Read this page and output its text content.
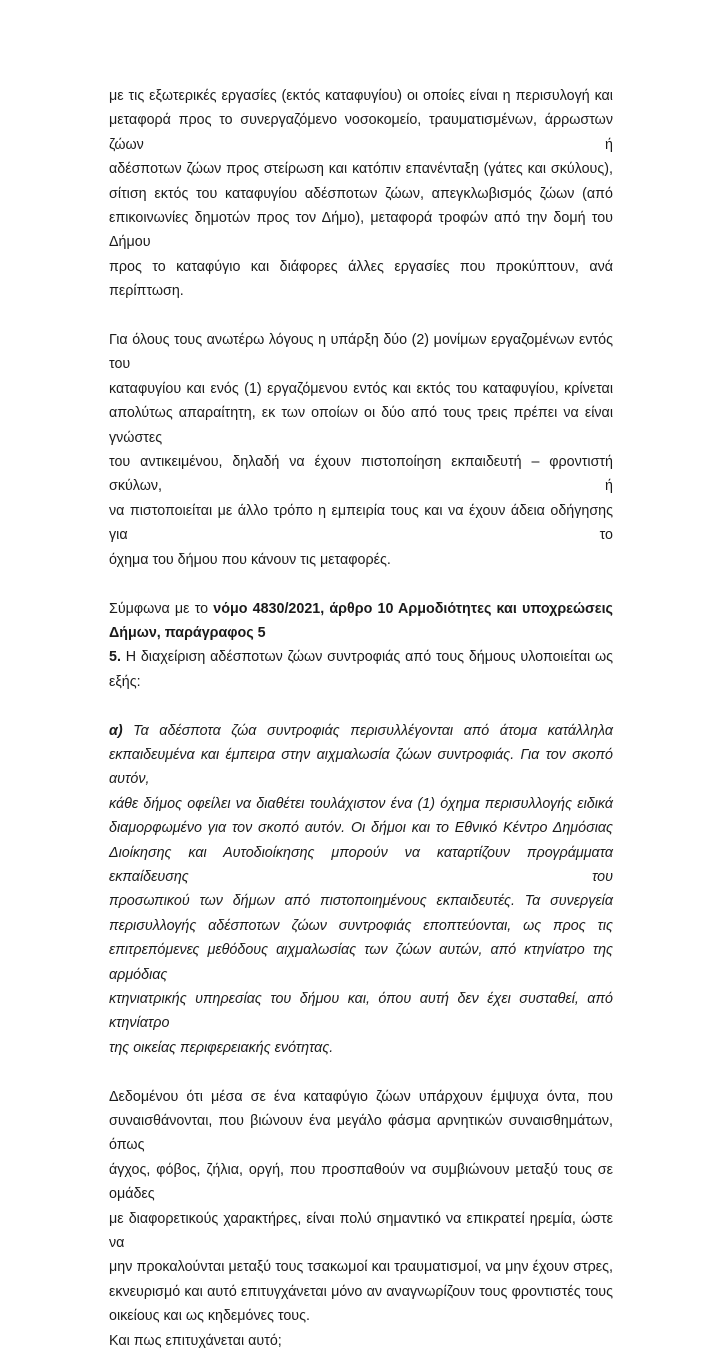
με τις εξωτερικές εργασίες (εκτός καταφυγίου) οι οποίες είναι η περισυλογή και
μεταφορά προς το συνεργαζόμενο νοσοκομείο, τραυματισμένων, άρρωστων ζώων ή
αδέσποτων ζώων προς στείρωση και κατόπιν επανένταξη (γάτες και σκύλους),
σίτιση εκτός του καταφυγίου αδέσποτων ζώων, απεγκλωβισμός ζώων (από
επικοινωνίες δημοτών προς τον Δήμο), μεταφορά τροφών από την δομή του Δήμου
προς το καταφύγιο και διάφορες άλλες εργασίες που προκύπτουν, ανά περίπτωση.
Για όλους τους ανωτέρω λόγους η υπάρξη δύο (2) μονίμων εργαζομένων εντός του
καταφυγίου και ενός (1) εργαζόμενου εντός και εκτός του καταφυγίου, κρίνεται
απολύτως απαραίτητη, εκ των οποίων οι δύο από τους τρεις πρέπει να είναι γνώστες
του αντικειμένου, δηλαδή να έχουν πιστοποίηση εκπαιδευτή – φροντιστή σκύλων, ή
να πιστοποιείται με άλλο τρόπο η εμπειρία τους και να έχουν άδεια οδήγησης για το
όχημα του δήμου που κάνουν τις μεταφορές.
Σύμφωνα με το νόμο 4830/2021, άρθρο 10 Αρμοδιότητες και υποχρεώσεις
Δήμων, παράγραφος 5
5. Η διαχείριση αδέσποτων ζώων συντροφιάς από τους δήμους υλοποιείται ως εξής:
α) Τα αδέσποτα ζώα συντροφιάς περισυλλέγονται από άτομα κατάλληλα
εκπαιδευμένα και έμπειρα στην αιχμαλωσία ζώων συντροφιάς. Για τον σκοπό αυτόν,
κάθε δήμος οφείλει να διαθέτει τουλάχιστον ένα (1) όχημα περισυλλογής ειδικά
διαμορφωμένο για τον σκοπό αυτόν. Οι δήμοι και το Εθνικό Κέντρο Δημόσιας
Διοίκησης και Αυτοδιοίκησης μπορούν να καταρτίζουν προγράμματα εκπαίδευσης του
προσωπικού των δήμων από πιστοποιημένους εκπαιδευτές. Τα συνεργεία
περισυλλογής αδέσποτων ζώων συντροφιάς εποπτεύονται, ως προς τις
επιτρεπόμενες μεθόδους αιχμαλωσίας των ζώων αυτών, από κτηνίατρο της αρμόδιας
κτηνιατρικής υπηρεσίας του δήμου και, όπου αυτή δεν έχει συσταθεί, από κτηνίατρο
της οικείας περιφερειακής ενότητας.
Δεδομένου ότι μέσα σε ένα καταφύγιο ζώων υπάρχουν έμψυχα όντα, που
συναισθάνονται, που βιώνουν ένα μεγάλο φάσμα αρνητικών συναισθημάτων, όπως
άγχος, φόβος, ζήλια, οργή, που προσπαθούν να συμβιώνουν μεταξύ τους σε ομάδες
με διαφορετικούς χαρακτήρες, είναι πολύ σημαντικό να επικρατεί ηρεμία, ώστε να
μην προκαλούνται μεταξύ τους τσακωμοί και τραυματισμοί, να μην έχουν στρες,
εκνευρισμό και αυτό επιτυγχάνεται μόνο αν αναγνωρίζουν τους φροντιστές τους
οικείους και ως κηδεμόνες τους.
Και πως επιτυχάνεται αυτό;
